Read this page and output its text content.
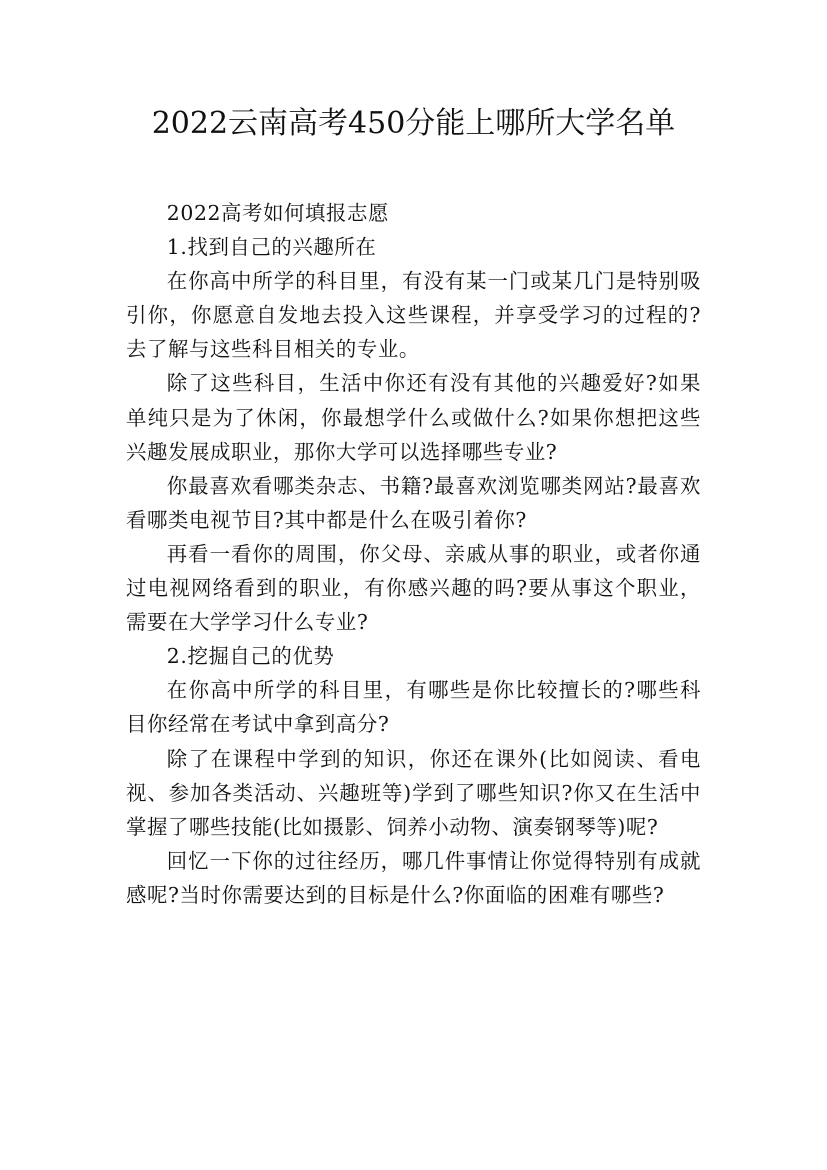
2022云南高考450分能上哪所大学名单

2022高考如何填报志愿

1.找到自己的兴趣所在

在你高中所学的科目里，有没有某一门或某几门是特别吸引你，你愿意自发地去投入这些课程，并享受学习的过程的?去了解与这些科目相关的专业。

除了这些科目，生活中你还有没有其他的兴趣爱好?如果单纯只是为了休闲，你最想学什么或做什么?如果你想把这些兴趣发展成职业，那你大学可以选择哪些专业?

你最喜欢看哪类杂志、书籍?最喜欢浏览哪类网站?最喜欢看哪类电视节目?其中都是什么在吸引着你?

再看一看你的周围，你父母、亲戚从事的职业，或者你通过电视网络看到的职业，有你感兴趣的吗?要从事这个职业，需要在大学学习什么专业?

2.挖掘自己的优势

在你高中所学的科目里，有哪些是你比较擅长的?哪些科目你经常在考试中拿到高分?

除了在课程中学到的知识，你还在课外(比如阅读、看电视、参加各类活动、兴趣班等)学到了哪些知识?你又在生活中掌握了哪些技能(比如摄影、饲养小动物、演奏钢琴等)呢?

回忆一下你的过往经历，哪几件事情让你觉得特别有成就感呢?当时你需要达到的目标是什么?你面临的困难有哪些?
